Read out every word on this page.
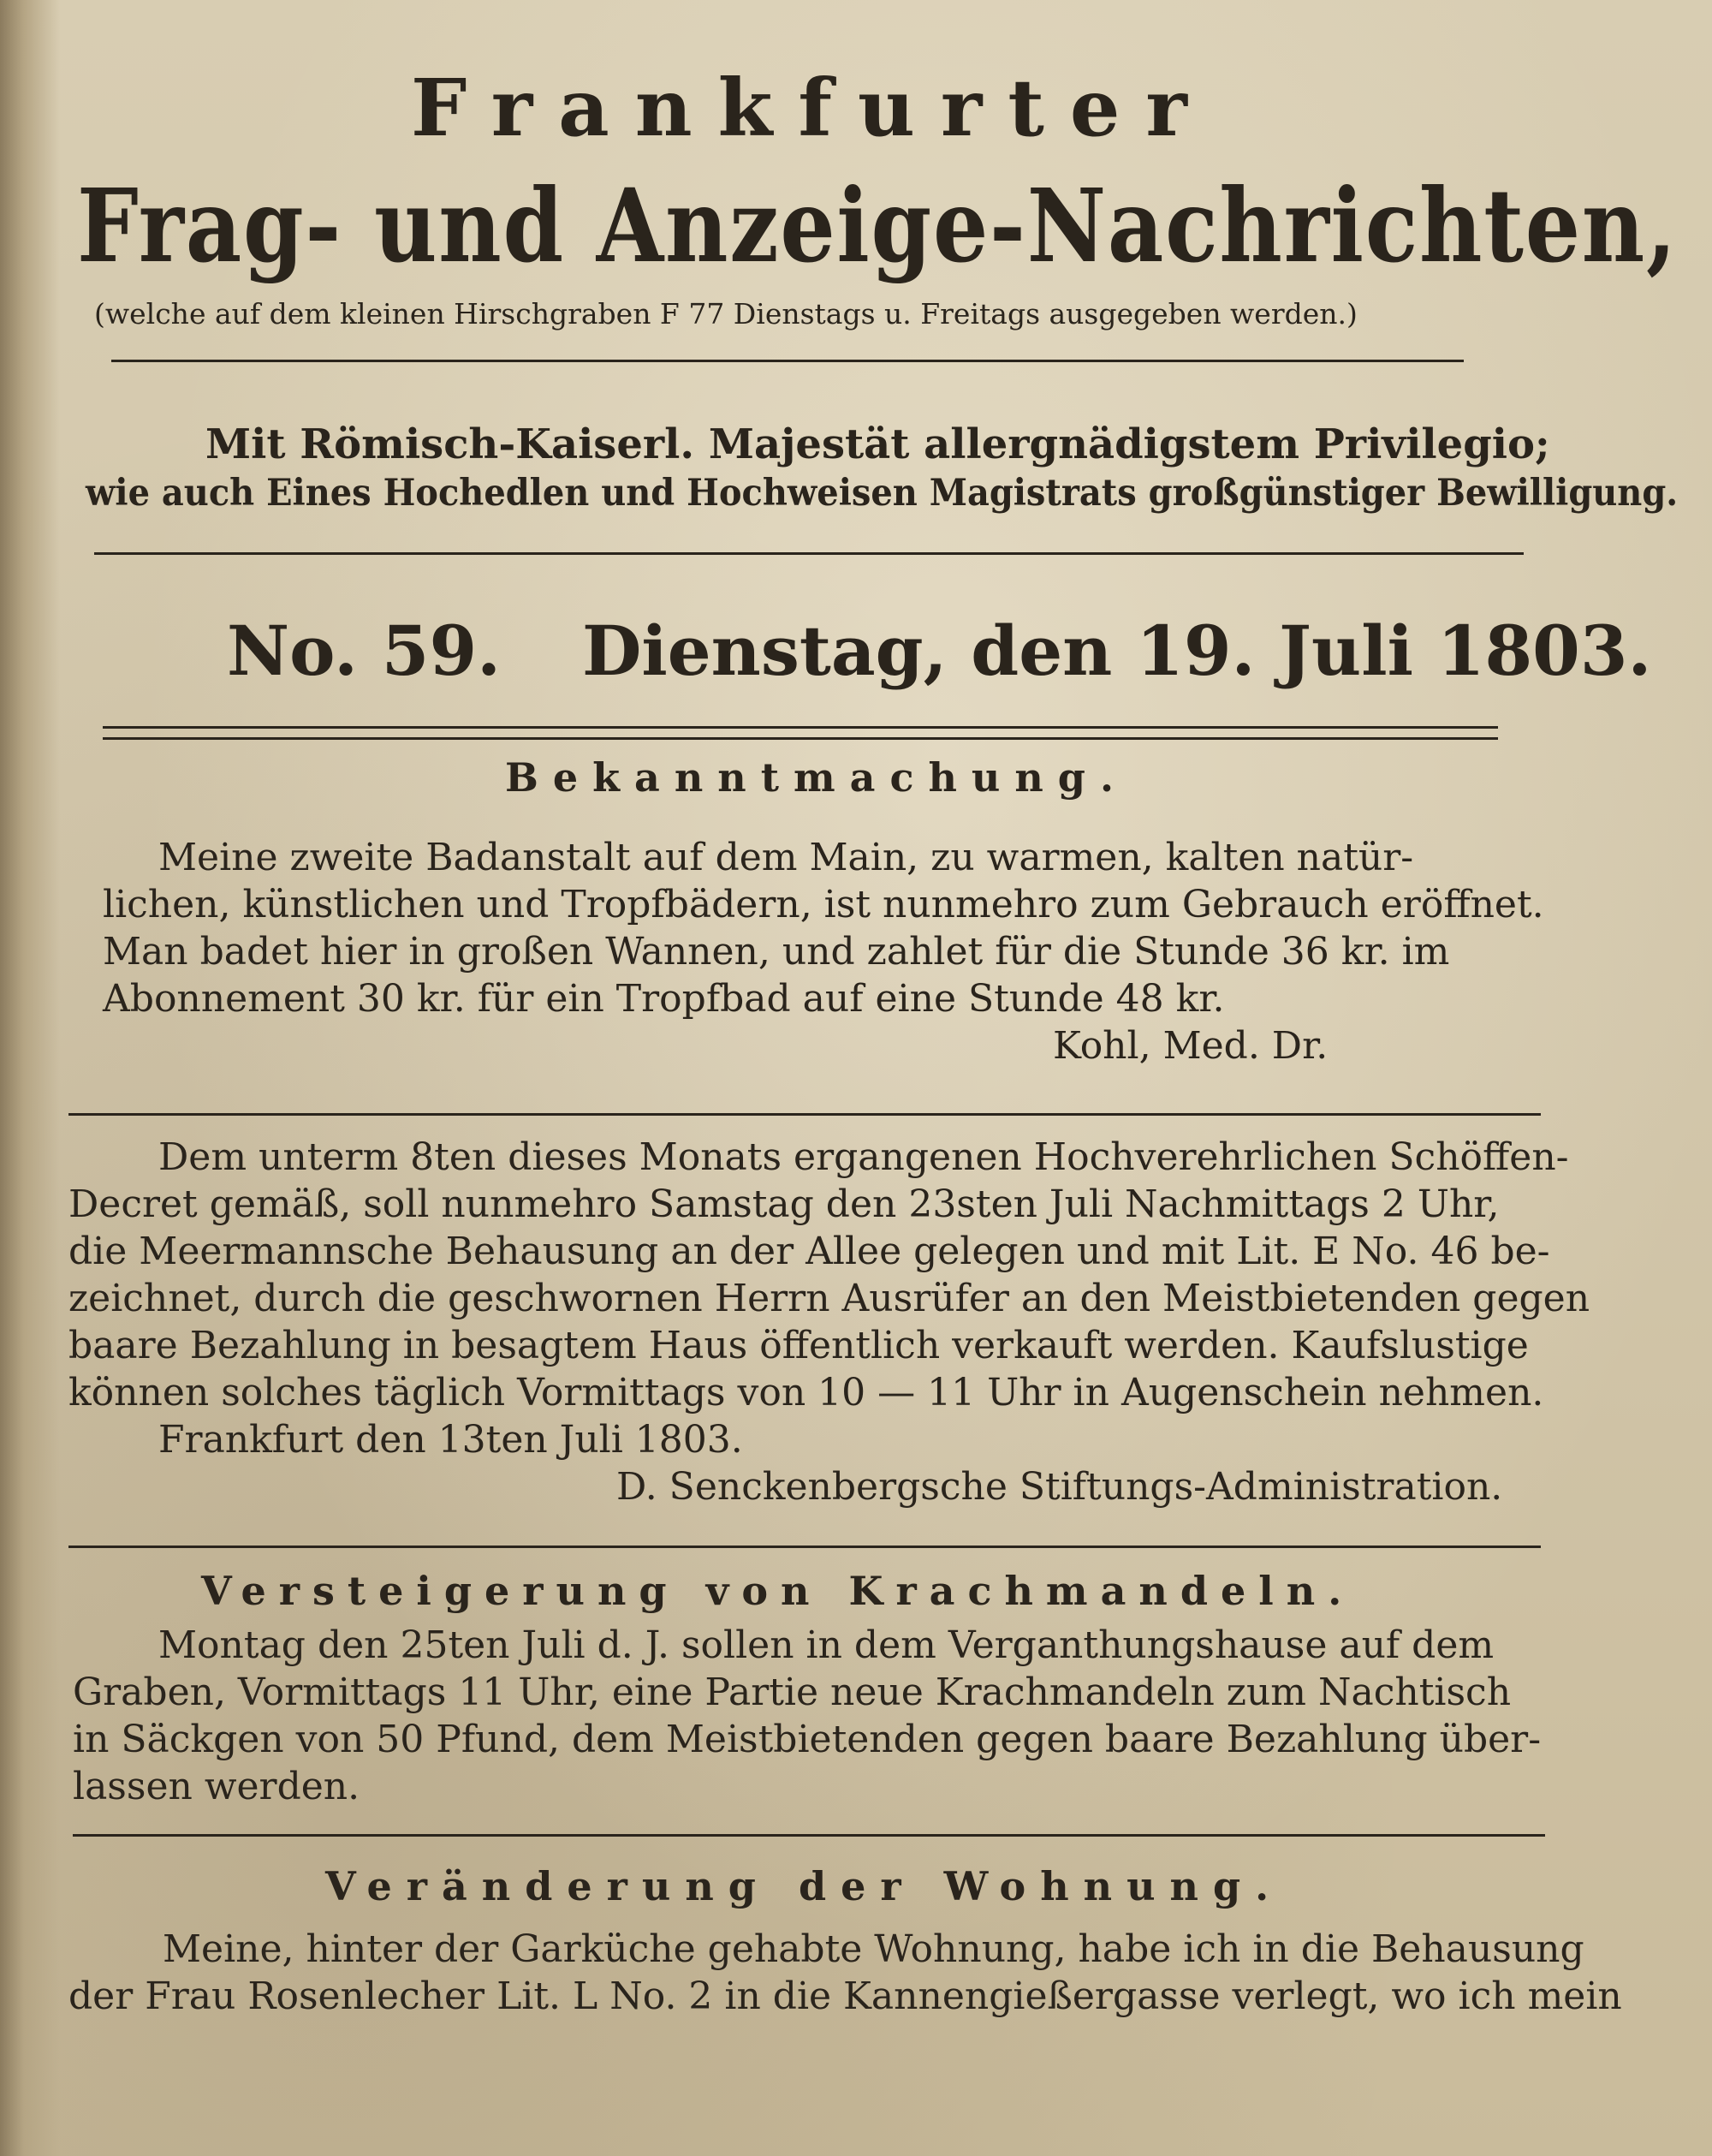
Frankfurter
Frag- und Anzeige-Nachrichten,
(welche auf dem kleinen Hirschgraben F 77 Dienstags u. Freitags ausgegeben werden.)
Mit Römisch-Kaiserl. Majestät allergnädigstem Privilegio;
wie auch Eines Hochedlen und Hochweisen Magistrats großgünstiger Bewilligung.
No. 59. Dienstag, den 19. Juli 1803.
Bekanntmachung.
Meine zweite Badanstalt auf dem Main, zu warmen, kalten natür-
lichen, künstlichen und Tropfbädern, ist nunmehro zum Gebrauch eröffnet.
Man badet hier in großen Wannen, und zahlet für die Stunde 36 kr. im
Abonnement 30 kr. für ein Tropfbad auf eine Stunde 48 kr.
Kohl, Med. Dr.
Dem unterm 8ten dieses Monats ergangenen Hochverehrlichen Schöffen-
Decret gemäß, soll nunmehro Samstag den 23sten Juli Nachmittags 2 Uhr,
die Meermannsche Behausung an der Allee gelegen und mit Lit. E No. 46 be-
zeichnet, durch die geschwornen Herrn Ausrüfer an den Meistbietenden gegen
baare Bezahlung in besagtem Haus öffentlich verkauft werden. Kaufslustige
können solches täglich Vormittags von 10 — 11 Uhr in Augenschein nehmen.
Frankfurt den 13ten Juli 1803.
D. Senckenbergsche Stiftungs-Administration.
Versteigerung von Krachmandeln.
Montag den 25ten Juli d. J. sollen in dem Verganthungshause auf dem
Graben, Vormittags 11 Uhr, eine Partie neue Krachmandeln zum Nachtisch
in Säckgen von 50 Pfund, dem Meistbietenden gegen baare Bezahlung über-
lassen werden.
Veränderung der Wohnung.
Meine, hinter der Garküche gehabte Wohnung, habe ich in die Behausung
der Frau Rosenlecher Lit. L No. 2 in die Kannengießergasse verlegt, wo ich mein
